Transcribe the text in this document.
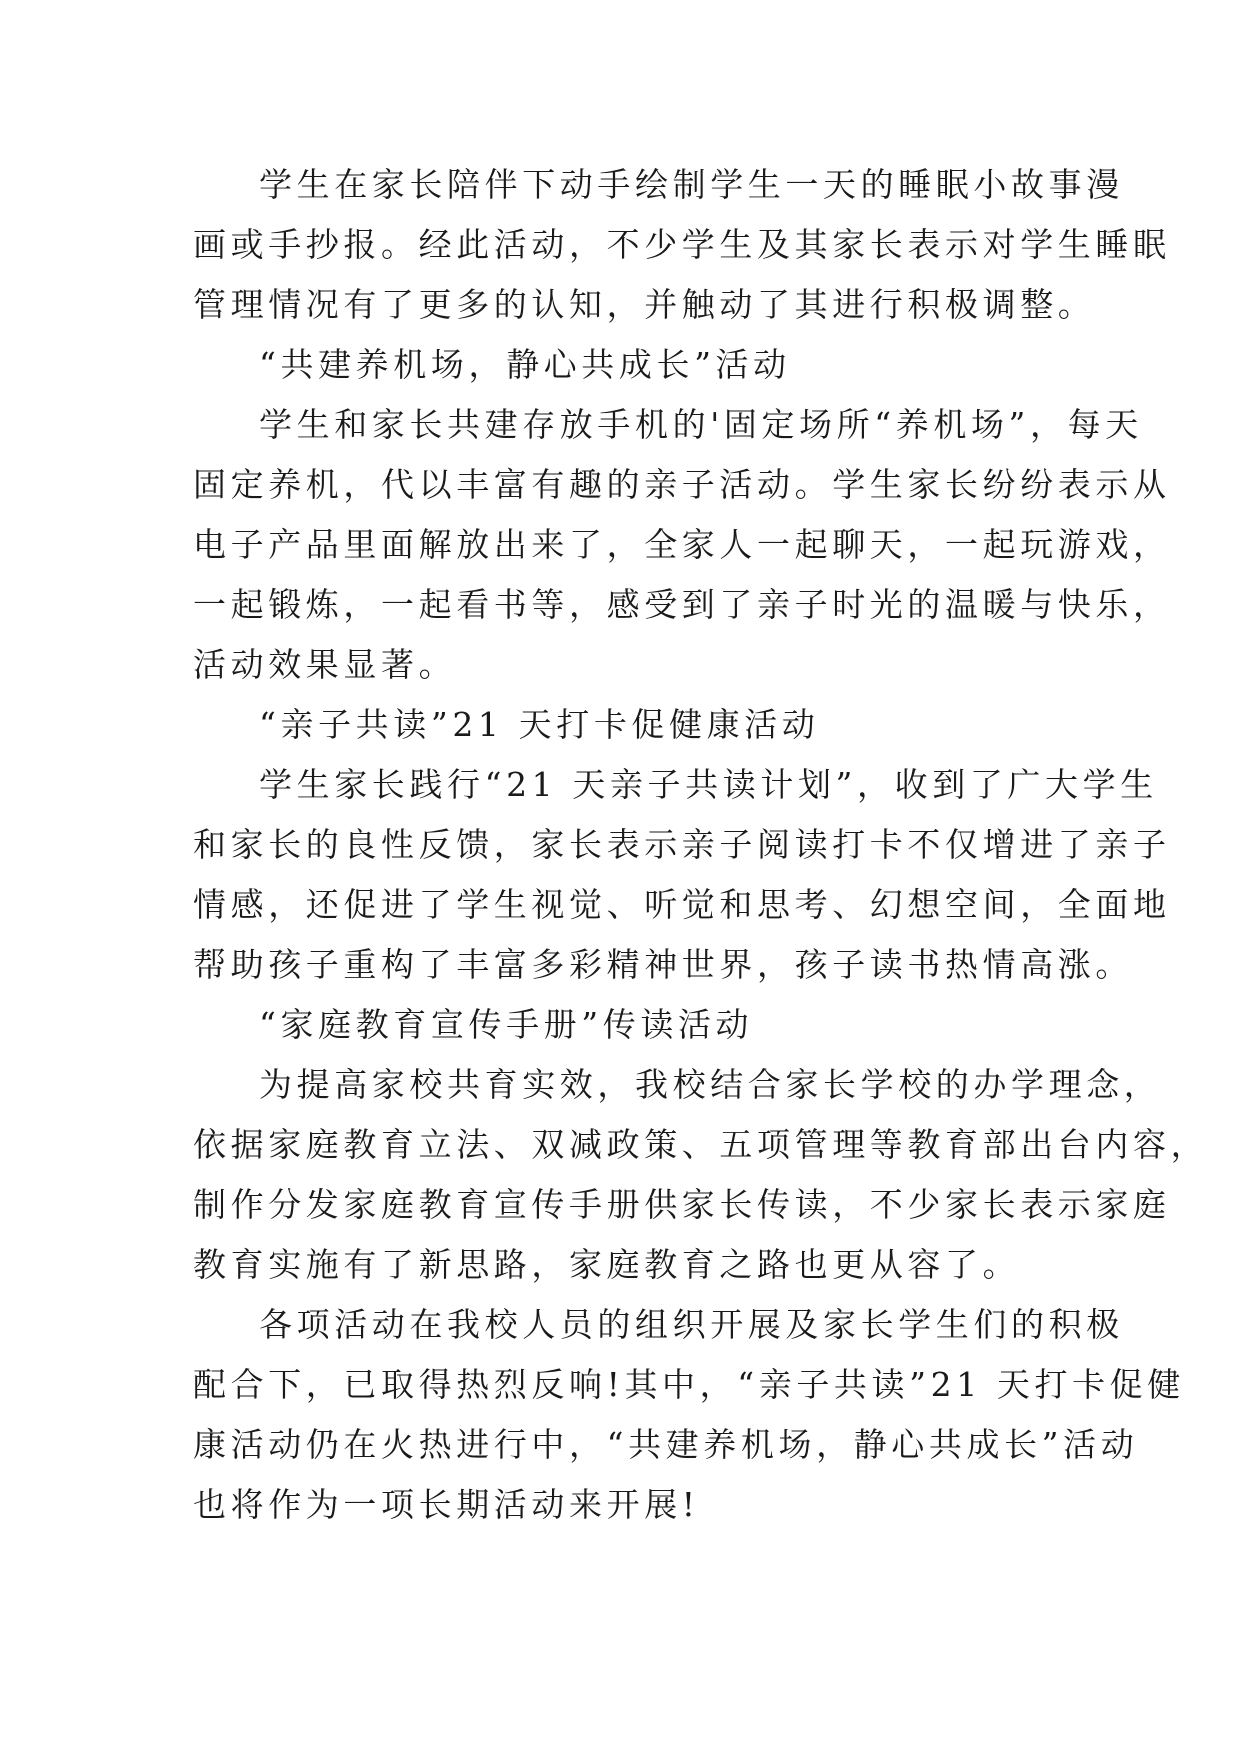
学生在家长陪伴下动手绘制学生一天的睡眠小故事漫
画或手抄报。经此活动，不少学生及其家长表示对学生睡眠
管理情况有了更多的认知，并触动了其进行积极调整。
“共建养机场，静心共成长”活动
学生和家长共建存放手机的'固定场所“养机场”，每天
固定养机，代以丰富有趣的亲子活动。学生家长纷纷表示从
电子产品里面解放出来了，全家人一起聊天，一起玩游戏，
一起锻炼，一起看书等，感受到了亲子时光的温暖与快乐，
活动效果显著。
“亲子共读”21 天打卡促健康活动
学生家长践行“21 天亲子共读计划”，收到了广大学生
和家长的良性反馈，家长表示亲子阅读打卡不仅增进了亲子
情感，还促进了学生视觉、听觉和思考、幻想空间，全面地
帮助孩子重构了丰富多彩精神世界，孩子读书热情高涨。
“家庭教育宣传手册”传读活动
为提高家校共育实效，我校结合家长学校的办学理念，
依据家庭教育立法、双减政策、五项管理等教育部出台内容，
制作分发家庭教育宣传手册供家长传读，不少家长表示家庭
教育实施有了新思路，家庭教育之路也更从容了。
各项活动在我校人员的组织开展及家长学生们的积极
配合下，已取得热烈反响!其中，“亲子共读”21 天打卡促健
康活动仍在火热进行中，“共建养机场，静心共成长”活动
也将作为一项长期活动来开展!
